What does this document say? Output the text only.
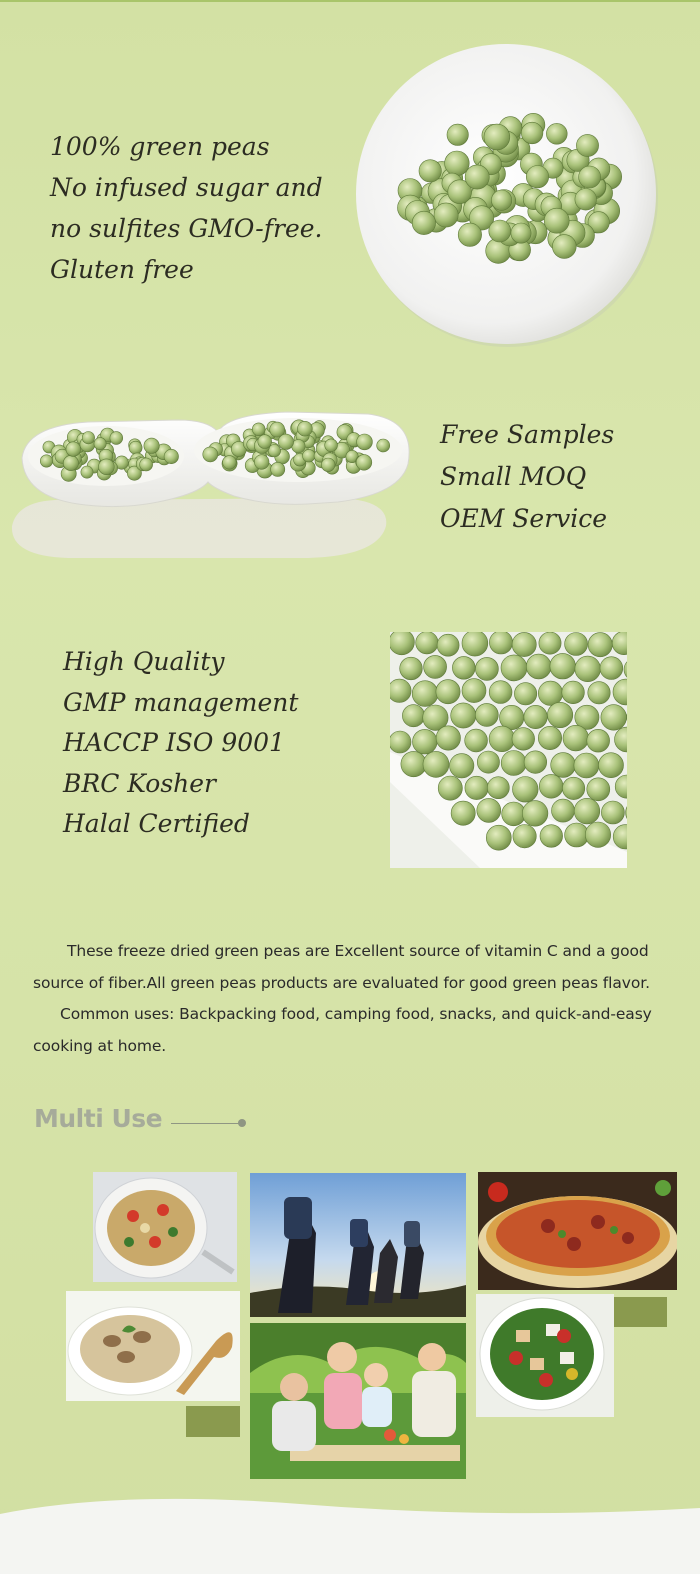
100% green peas
No infused sugar and
no sulfites GMO-free.
Gluten free
Free Samples
Small MOQ
OEM Service
High Quality
GMP management
HACCP ISO 9001
BRC Kosher
Halal Certified

These freeze dried green peas are Excellent source of vitamin C and a good source of fiber.All green peas products are evaluated for good green peas flavor.

Common uses: Backpacking food, camping food, snacks, and quick-and-easy cooking at home.

Multi Use
